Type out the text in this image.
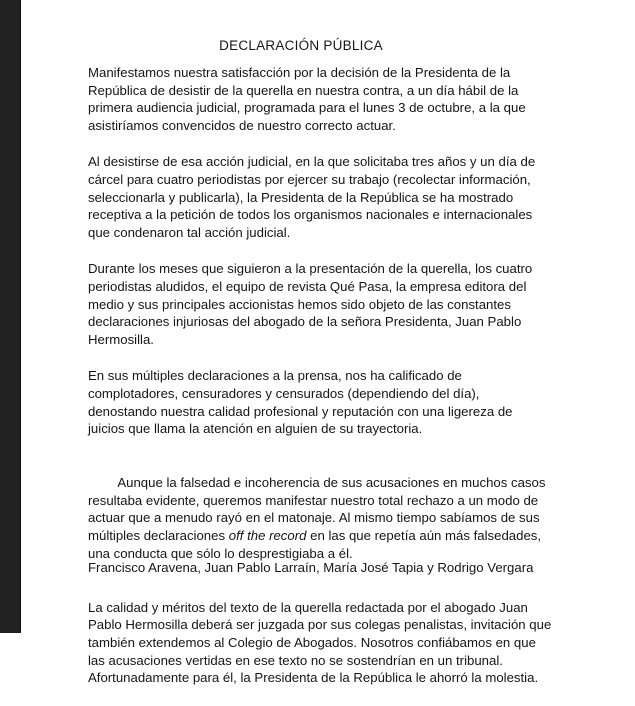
DECLARACIÓN PÚBLICA

Manifestamos nuestra satisfacción por la decisión de la Presidenta de la República de desistir de la querella en nuestra contra, a un día hábil de la primera audiencia judicial, programada para el lunes 3 de octubre, a la que asistiríamos convencidos de nuestro correcto actuar.

Al desistirse de esa acción judicial, en la que solicitaba tres años y un día de cárcel para cuatro periodistas por ejercer su trabajo (recolectar información, seleccionarla y publicarla), la Presidenta de la República se ha mostrado receptiva a la petición de todos los organismos nacionales e internacionales que condenaron tal acción judicial.

Durante los meses que siguieron a la presentación de la querella, los cuatro periodistas aludidos, el equipo de revista Qué Pasa, la empresa editora del medio y sus principales accionistas hemos sido objeto de las constantes declaraciones injuriosas del abogado de la señora Presidenta, Juan Pablo Hermosilla.

En sus múltiples declaraciones a la prensa, nos ha calificado de complotadores, censuradores y censurados (dependiendo del día), denostando nuestra calidad profesional y reputación con una ligereza de juicios que llama la atención en alguien de su trayectoria.

Aunque la falsedad e incoherencia de sus acusaciones en muchos casos resultaba evidente, queremos manifestar nuestro total rechazo a un modo de actuar que a menudo rayó en el matonaje. Al mismo tiempo sabíamos de sus múltiples declaraciones off the record en las que repetía aún más falsedades, una conducta que sólo lo desprestigiaba a él.

La calidad y méritos del texto de la querella redactada por el abogado Juan Pablo Hermosilla deberá ser juzgada por sus colegas penalistas, invitación que también extendemos al Colegio de Abogados. Nosotros confiábamos en que las acusaciones vertidas en ese texto no se sostendrían en un tribunal. Afortunadamente para él, la Presidenta de la República le ahorró la molestia.

Francisco Aravena, Juan Pablo Larraín, María José Tapia y Rodrigo Vergara
